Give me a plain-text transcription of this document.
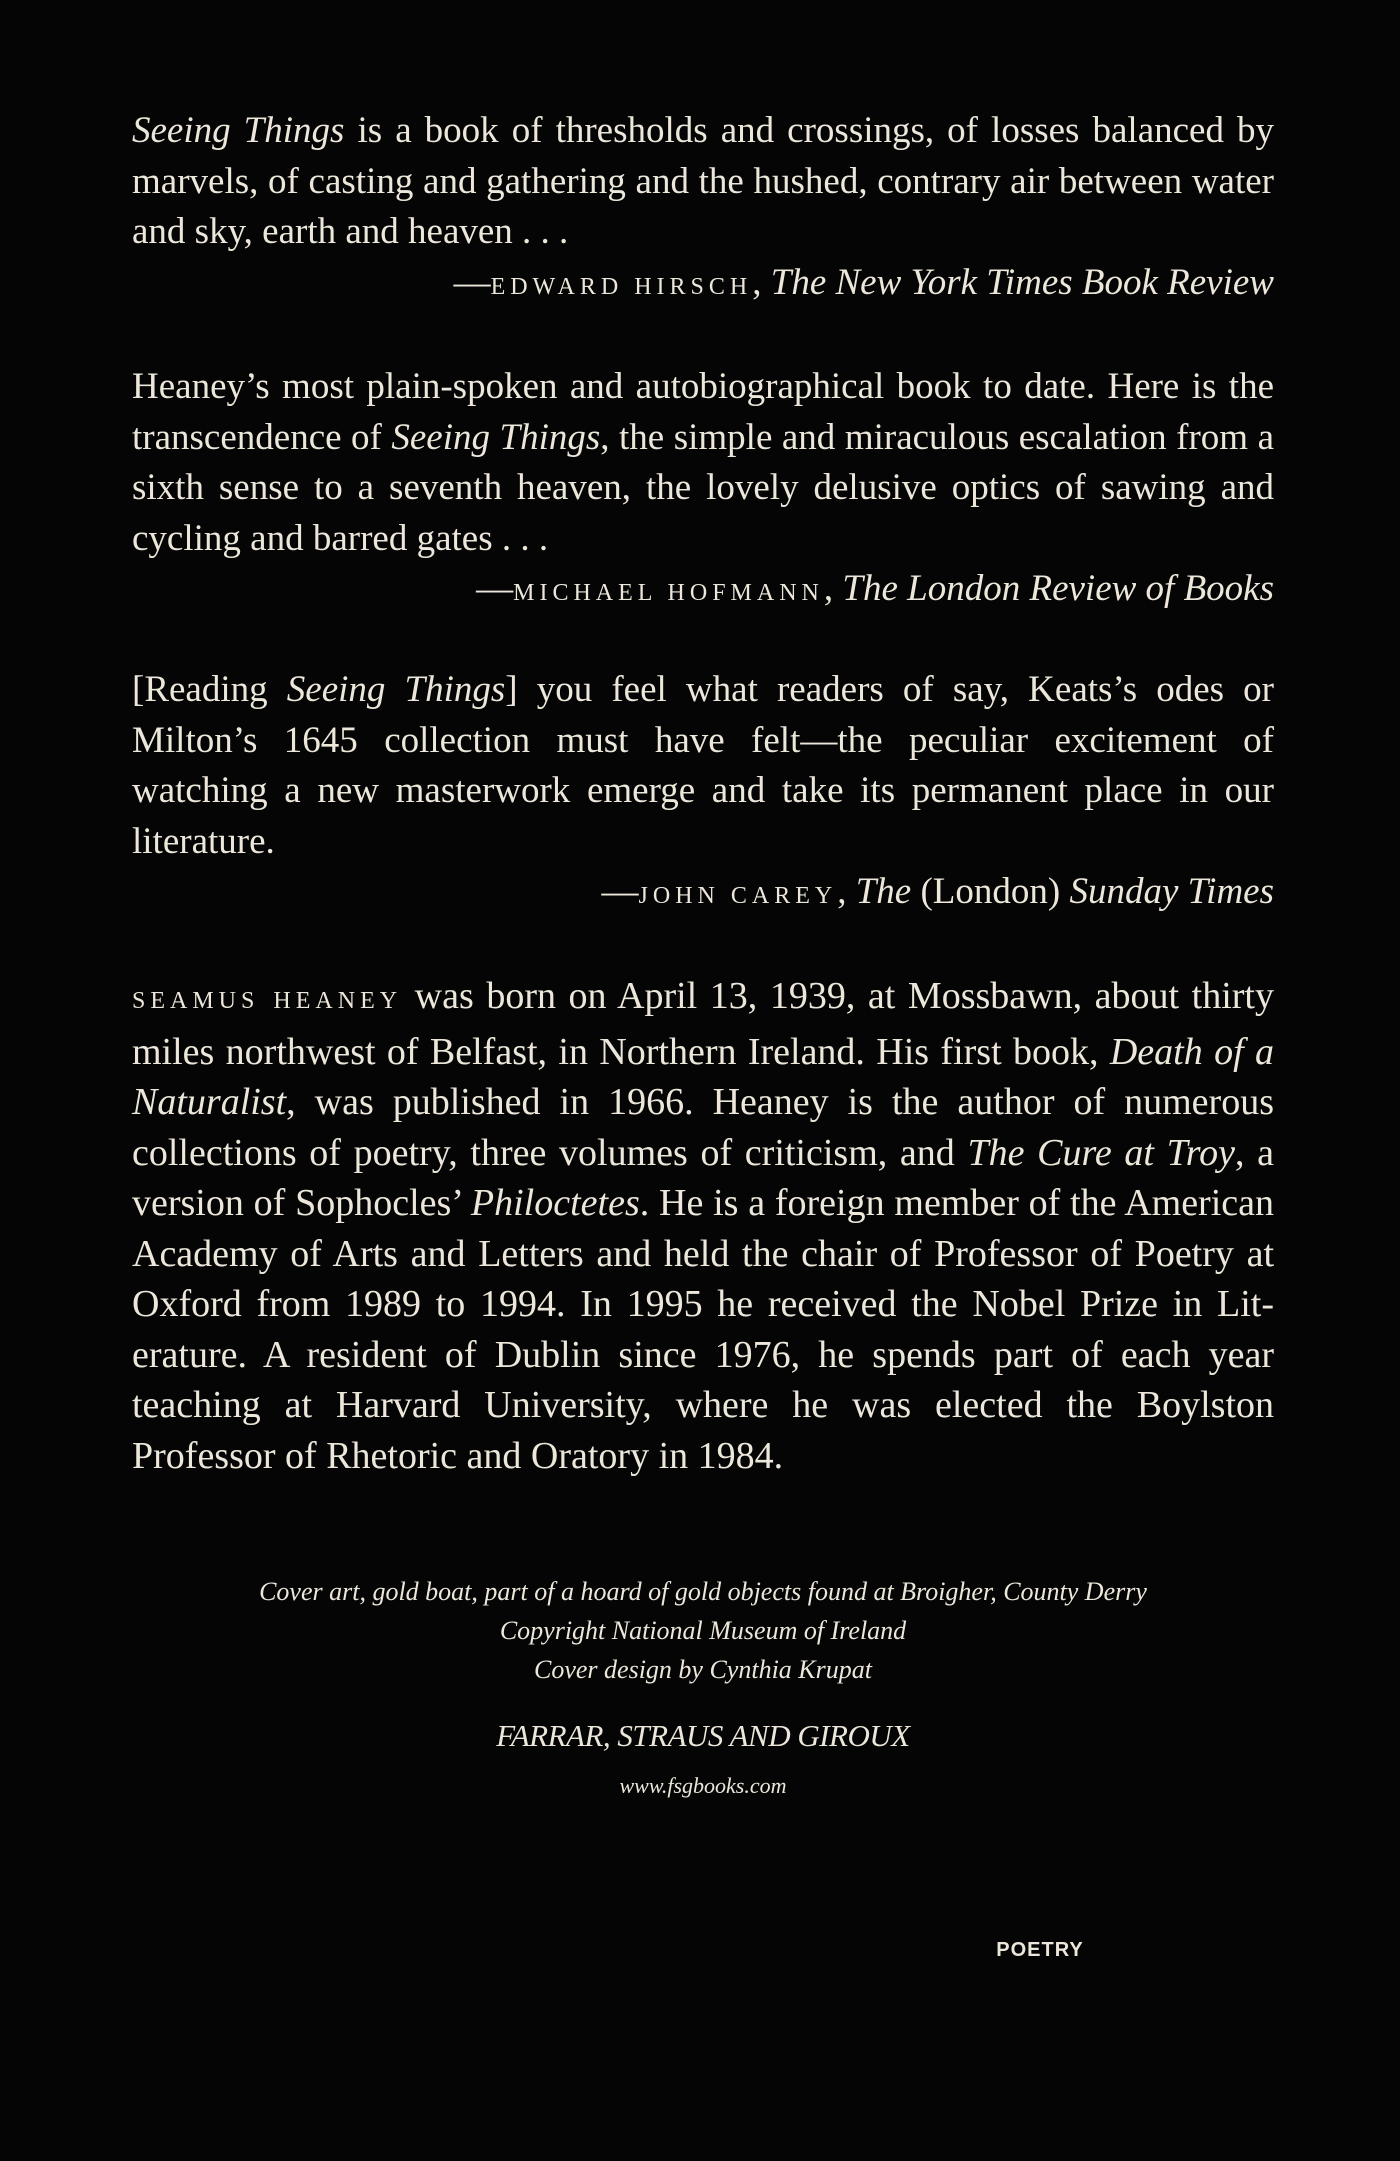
Seeing Things is a book of thresholds and crossings, of losses balanced by marvels, of casting and gathering and the hushed, contrary air between water and sky, earth and heaven . . .

—EDWARD HIRSCH, The New York Times Book Review

Heaney’s most plain-spoken and autobiographical book to date. Here is the transcendence of Seeing Things, the simple and miraculous escalation from a sixth sense to a seventh heaven, the lovely delusive optics of sawing and cycling and barred gates . . .

—MICHAEL HOFMANN, The London Review of Books

[Reading Seeing Things] you feel what readers of say, Keats’s odes or Milton’s 1645 collection must have felt—the peculiar excitement of watching a new masterwork emerge and take its permanent place in our literature.

—JOHN CAREY, The (London) Sunday Times
SEAMUS HEANEY was born on April 13, 1939, at Mossbawn, about thirty miles northwest of Belfast, in Northern Ireland. His first book, Death of a Naturalist, was published in 1966. Heaney is the author of numerous collections of poetry, three volumes of criticism, and The Cure at Troy, a version of Sophocles’ Philoctetes. He is a foreign member of the American Academy of Arts and Letters and held the chair of Professor of Poetry at Oxford from 1989 to 1994. In 1995 he received the Nobel Prize in Literature. A resident of Dublin since 1976, he spends part of each year teaching at Harvard University, where he was elected the Boylston Professor of Rhetoric and Oratory in 1984.
Cover art, gold boat, part of a hoard of gold objects found at Broigher, County Derry
Copyright National Museum of Ireland
Cover design by Cynthia Krupat
FARRAR, STRAUS AND GIROUX
www.fsgbooks.com
POETRY
